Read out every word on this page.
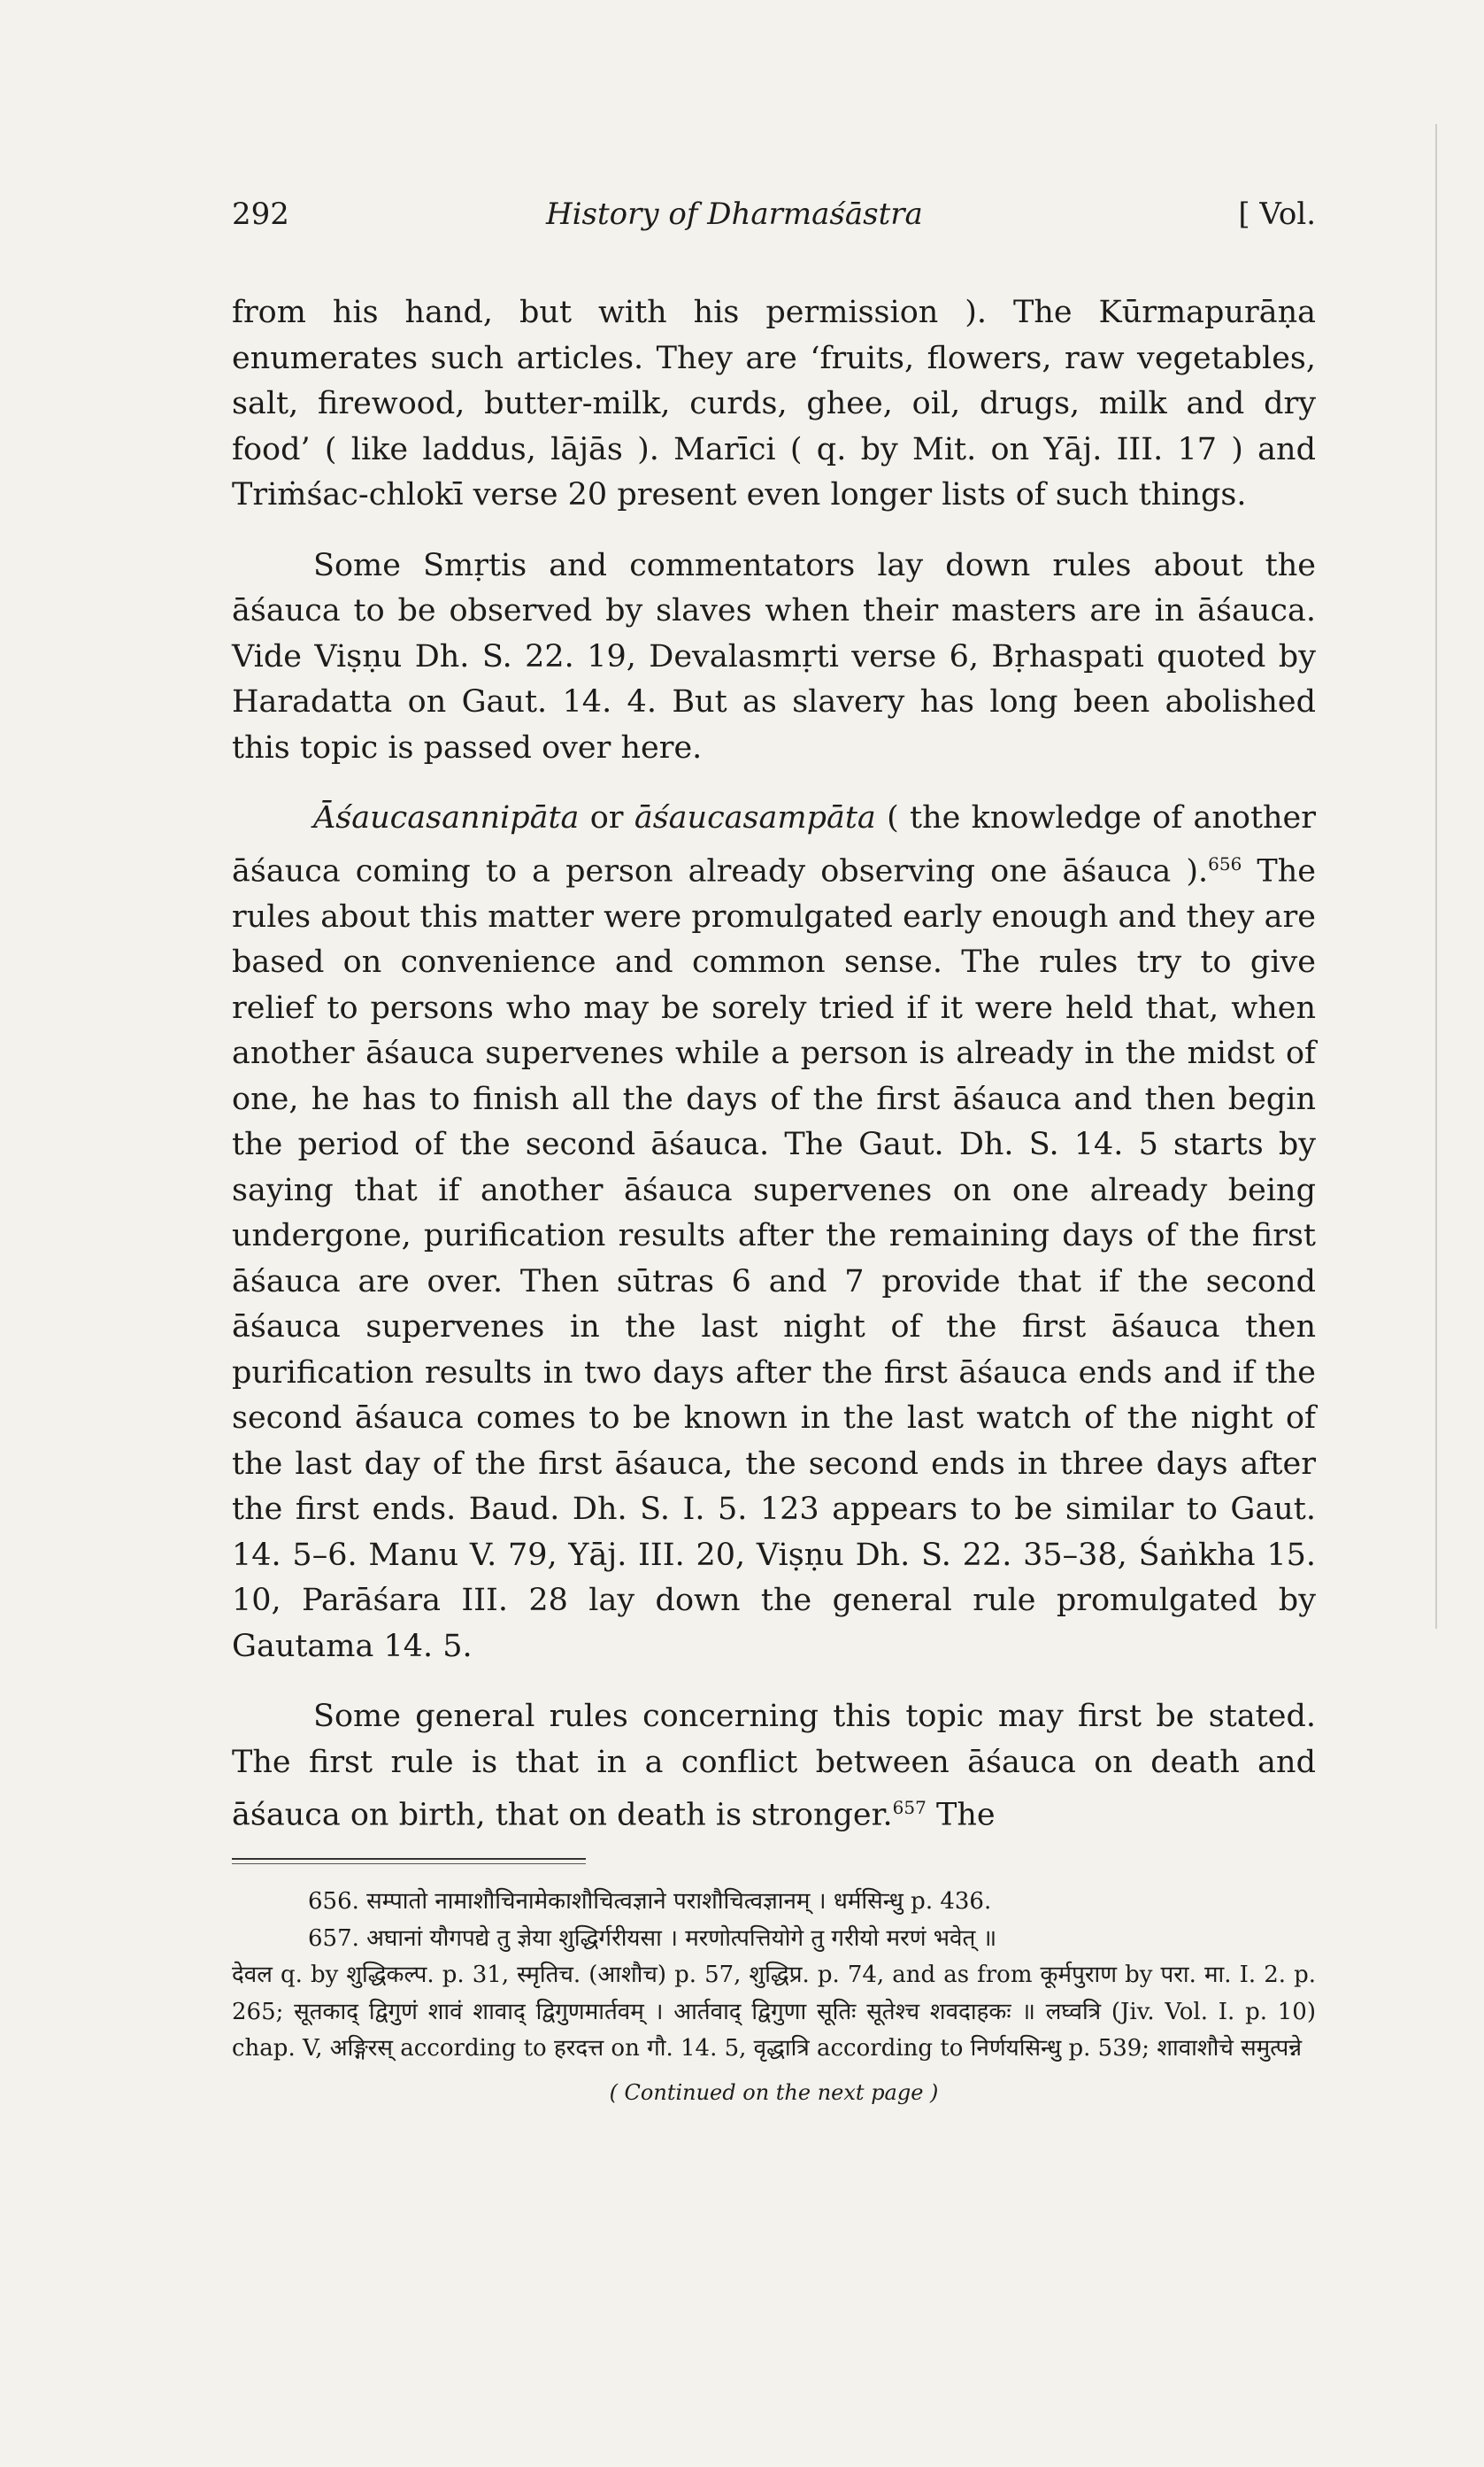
292	History of Dharmaśāstra	[ Vol.

from his hand, but with his permission ). The Kūrmapurāṇa enumerates such articles. They are ‘fruits, flowers, raw vegetables, salt, firewood, butter-milk, curds, ghee, oil, drugs, milk and dry food’ ( like laddus, lājās ). Marīci ( q. by Mit. on Yāj. III. 17 ) and Triṁśac-chlokī verse 20 present even longer lists of such things.

Some Smṛtis and commentators lay down rules about the āśauca to be observed by slaves when their masters are in āśauca. Vide Viṣṇu Dh. S. 22. 19, Devalasmṛti verse 6, Bṛhaspati quoted by Haradatta on Gaut. 14. 4. But as slavery has long been abolished this topic is passed over here.

Āśaucasannipāta or āśaucasampāta ( the knowledge of another āśauca coming to a person already observing one āśauca ).$^{656}$ The rules about this matter were promulgated early enough and they are based on convenience and common sense. The rules try to give relief to persons who may be sorely tried if it were held that, when another āśauca supervenes while a person is already in the midst of one, he has to finish all the days of the first āśauca and then begin the period of the second āśauca. The Gaut. Dh. S. 14. 5 starts by saying that if another āśauca supervenes on one already being undergone, purification results after the remaining days of the first āśauca are over. Then sūtras 6 and 7 provide that if the second āśauca supervenes in the last night of the first āśauca then purification results in two days after the first āśauca ends and if the second āśauca comes to be known in the last watch of the night of the last day of the first āśauca, the second ends in three days after the first ends. Baud. Dh. S. I. 5. 123 appears to be similar to Gaut. 14. 5–6. Manu V. 79, Yāj. III. 20, Viṣṇu Dh. S. 22. 35–38, Śaṅkha 15. 10, Parāśara III. 28 lay down the general rule promulgated by Gautama 14. 5.

Some general rules concerning this topic may first be stated. The first rule is that in a conflict between āśauca on death and āśauca on birth, that on death is stronger.$^{657}$ The

656. सम्पातो नामाशौचिनामेकाशौचित्वज्ञाने पराशौचित्वज्ञानम् । धर्मसिन्धु p. 436.

657. अघानां यौगपद्ये तु ज्ञेया शुद्धिर्गरीयसा । मरणोत्पत्तियोगे तु गरीयो मरणं भवेत् ॥

देवल q. by शुद्धिकल्प. p. 31, स्मृतिच. (आशौच) p. 57, शुद्धिप्र. p. 74, and as from कूर्मपुराण by परा. मा. I. 2. p. 265; सूतकाद् द्विगुणं शावं शावाद् द्विगुणमार्तवम् । आर्तवाद् द्विगुणा सूतिः सूतेश्च शवदाहकः ॥ लघ्वत्रि (Jiv. Vol. I. p. 10) chap. V, अङ्गिरस् according to हरदत्त on गौ. 14. 5, वृद्धात्रि according to निर्णयसिन्धु p. 539; शावाशौचे समुत्पन्ने

( Continued on the next page )
